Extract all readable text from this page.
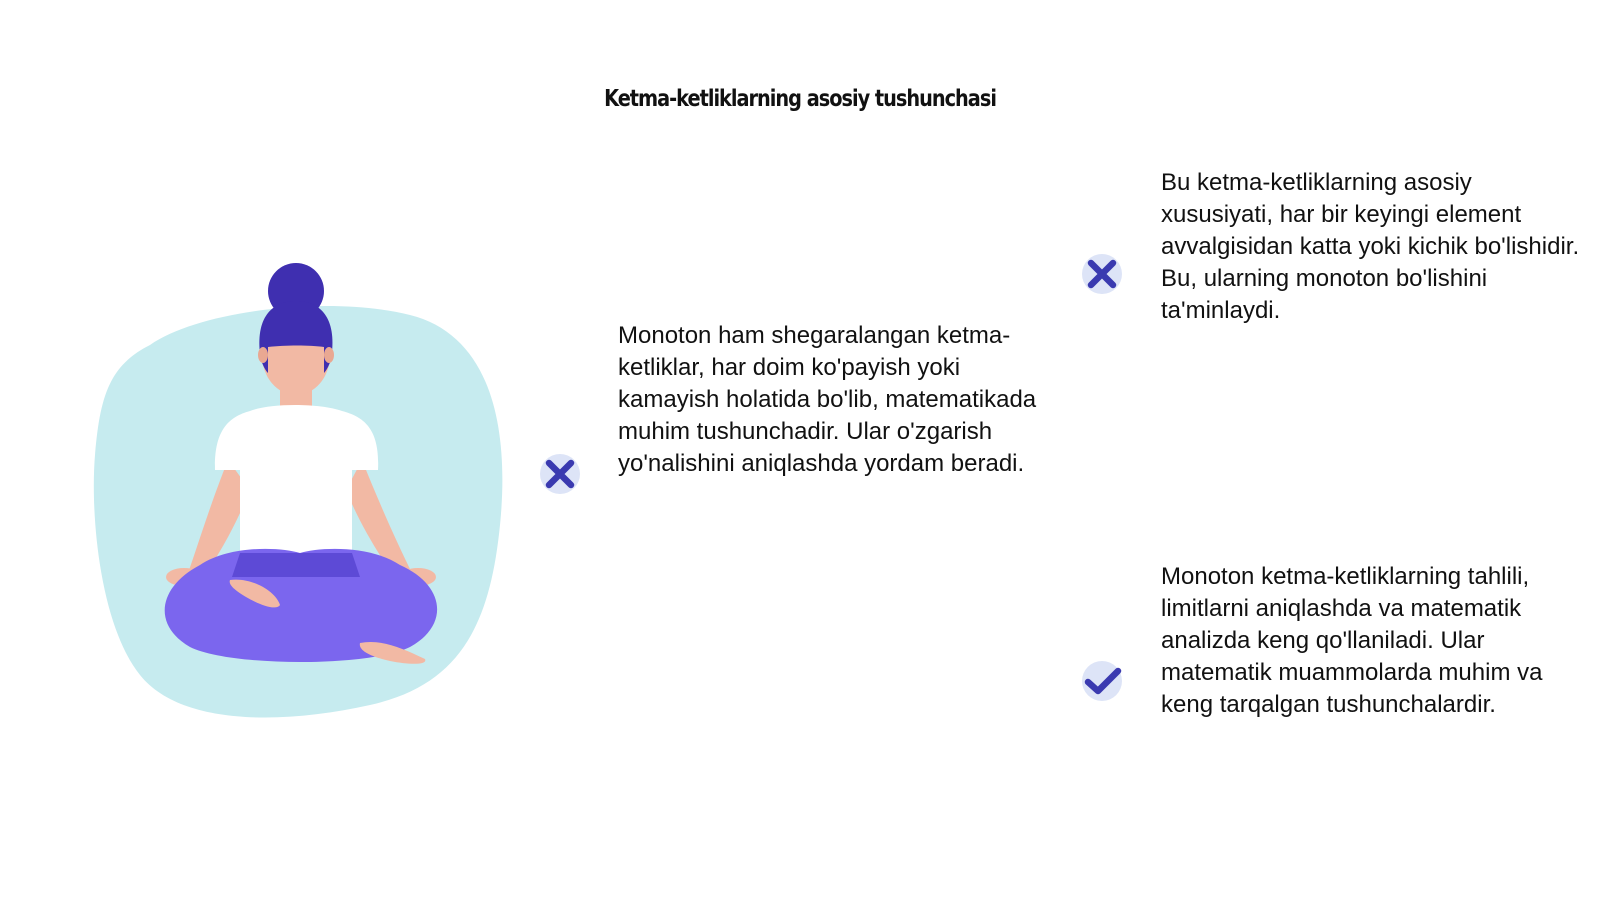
Ketma-ketliklarning asosiy tushunchasi

Monoton ham shegaralangan ketma-ketliklar, har doim ko'payish yoki kamayish holatida bo'lib, matematikada muhim tushunchadir. Ular o'zgarish yo'nalishini aniqlashda yordam beradi.

Bu ketma-ketliklarning asosiy xususiyati, har bir keyingi element avvalgisidan katta yoki kichik bo'lishidir. Bu, ularning monoton bo'lishini ta'minlaydi.

Monoton ketma-ketliklarning tahlili, limitlarni aniqlashda va matematik analizda keng qo'llaniladi. Ular matematik muammolarda muhim va keng tarqalgan tushunchalardir.
